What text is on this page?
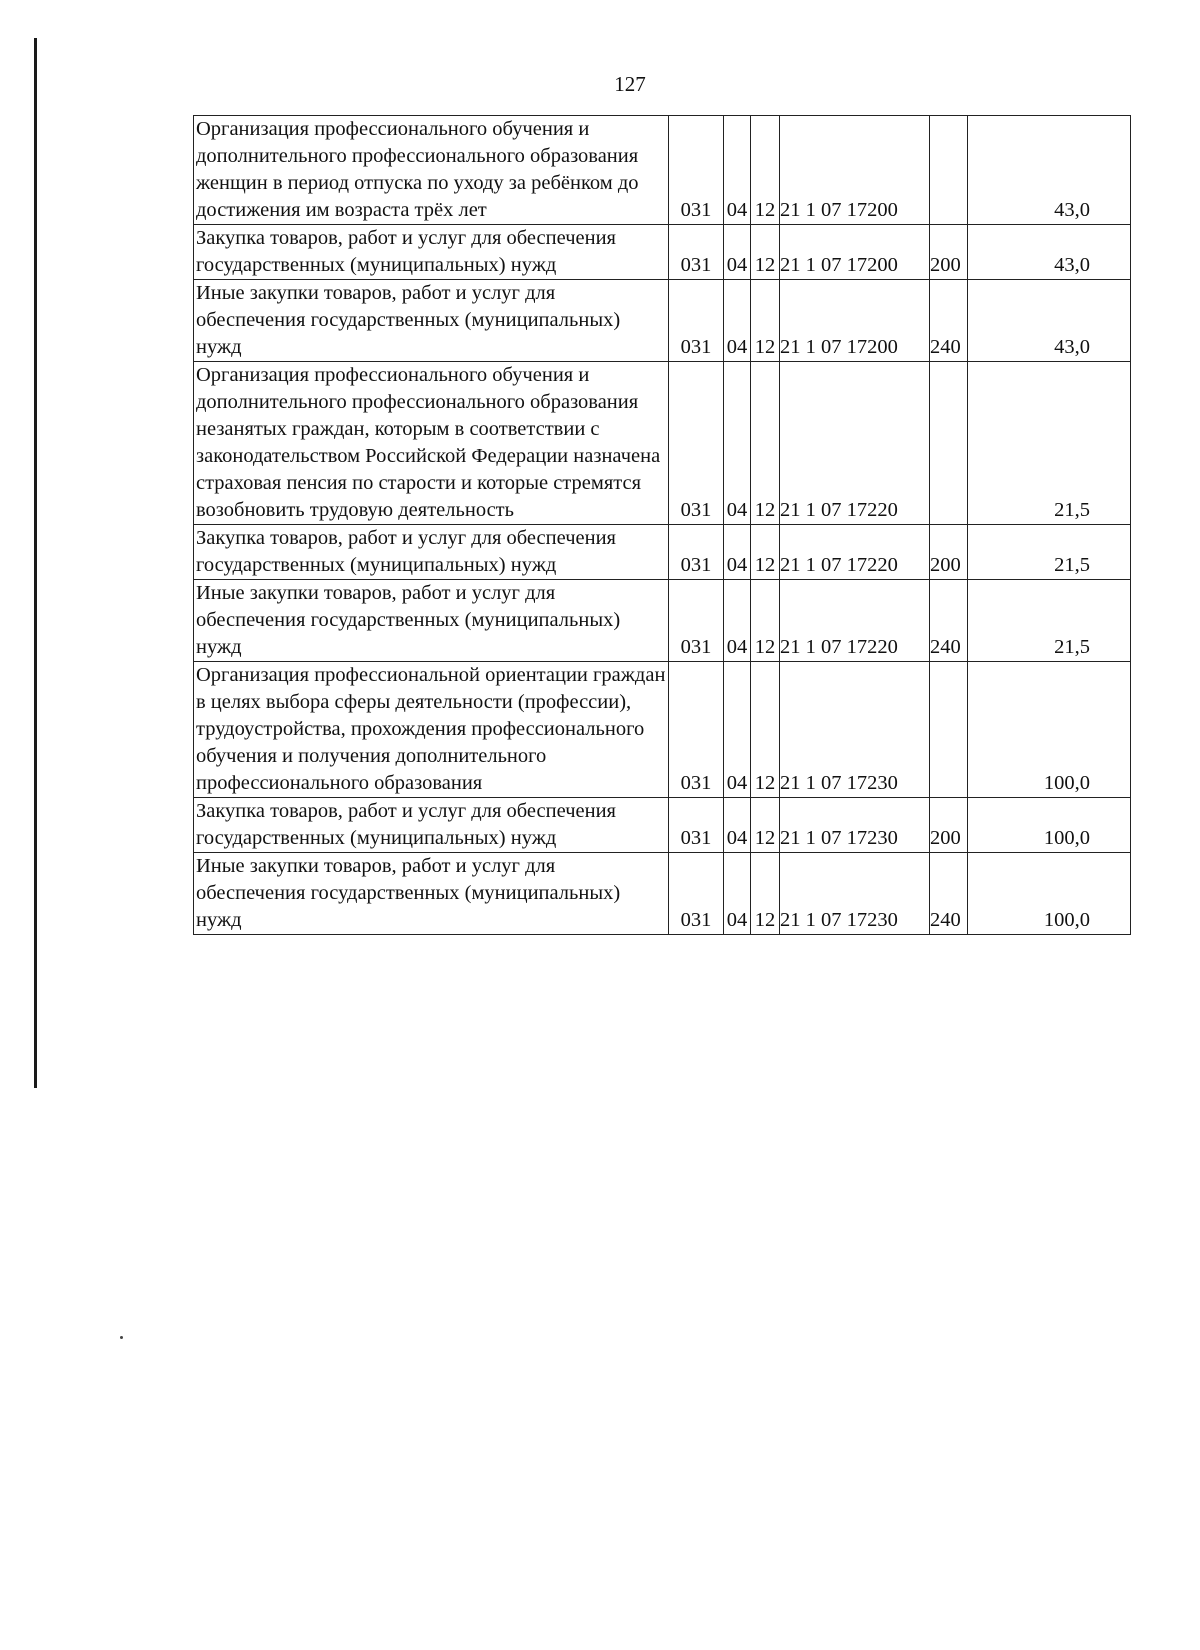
127
Организация профессионального обучения и дополнительного профессионального образования женщин в период отпуска по уходу за ребёнком до достижения им возраста трёх лет	031	04	12	21 1 07 17200		43,0
Закупка товаров, работ и услуг для обеспечения государственных (муниципальных) нужд	031	04	12	21 1 07 17200	200	43,0
Иные закупки товаров, работ и услуг для обеспечения государственных (муниципальных) нужд	031	04	12	21 1 07 17200	240	43,0
Организация профессионального обучения и дополнительного профессионального образования незанятых граждан, которым в соответствии с законодательством Российской Федерации назначена страховая пенсия по старости и которые стремятся возобновить трудовую деятельность	031	04	12	21 1 07 17220		21,5
Закупка товаров, работ и услуг для обеспечения государственных (муниципальных) нужд	031	04	12	21 1 07 17220	200	21,5
Иные закупки товаров, работ и услуг для обеспечения государственных (муниципальных) нужд	031	04	12	21 1 07 17220	240	21,5
Организация профессиональной ориентации граждан в целях выбора сферы деятельности (профессии), трудоустройства, прохождения профессионального обучения и получения дополнительного профессионального образования	031	04	12	21 1 07 17230		100,0
Закупка товаров, работ и услуг для обеспечения государственных (муниципальных) нужд	031	04	12	21 1 07 17230	200	100,0
Иные закупки товаров, работ и услуг для обеспечения государственных (муниципальных) нужд	031	04	12	21 1 07 17230	240	100,0
